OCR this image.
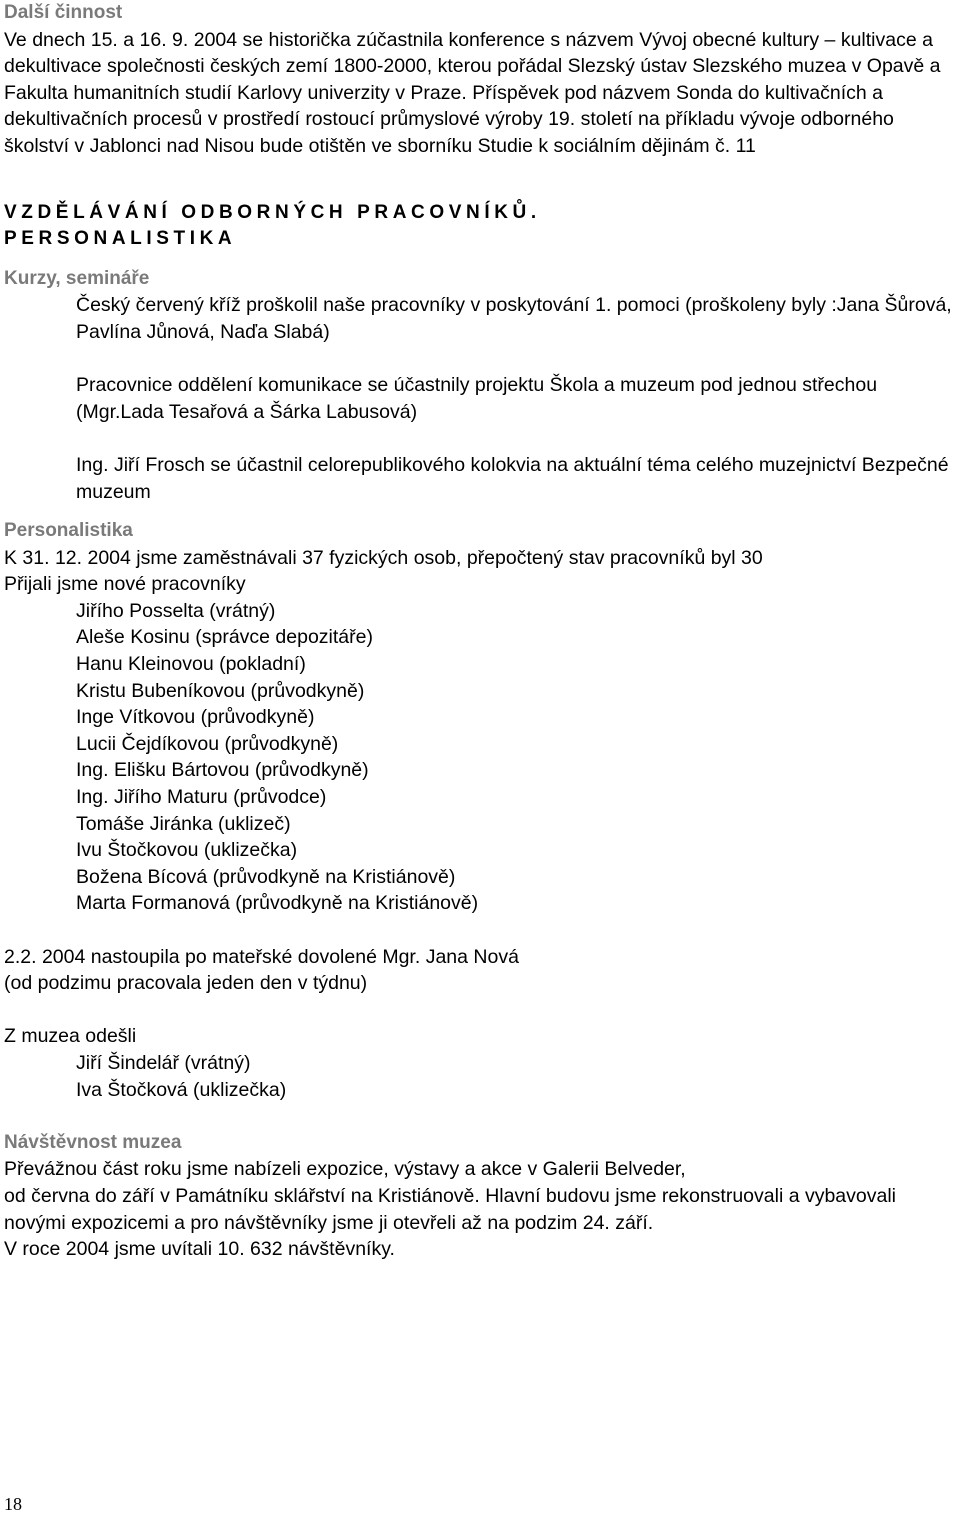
Další činnost

Ve dnech 15. a 16. 9. 2004 se historička zúčastnila konference s názvem Vývoj obecné kultury – kultivace a dekultivace společnosti českých zemí 1800-2000, kterou pořádal Slezský ústav Slezského muzea v Opavě a Fakulta humanitních studií Karlovy univerzity v Praze. Příspěvek pod názvem Sonda do kultivačních a dekultivačních procesů v prostředí rostoucí průmyslové výroby 19. století na příkladu vývoje odborného školství v Jablonci nad Nisou bude otištěn ve sborníku Studie k sociálním dějinám č. 11

VZDĚLÁVÁNÍ ODBORNÝCH PRACOVNÍKŮ.

PERSONALISTIKA

Kurzy, semináře

Český červený kříž proškolil naše pracovníky v poskytování 1. pomoci (proškoleny byly :Jana Šůrová, Pavlína Jůnová, Naďa Slabá)

Pracovnice oddělení komunikace se účastnily projektu Škola a muzeum pod jednou střechou (Mgr.Lada Tesařová a Šárka Labusová)

Ing. Jiří Frosch se účastnil celorepublikového kolokvia na aktuální téma celého muzejnictví Bezpečné muzeum

Personalistika

K 31. 12. 2004 jsme zaměstnávali 37 fyzických osob, přepočtený stav pracovníků byl 30

Přijali jsme nové pracovníky

Jiřího Posselta (vrátný)

Aleše Kosinu (správce depozitáře)

Hanu Kleinovou (pokladní)

Kristu Bubeníkovou (průvodkyně)

Inge Vítkovou (průvodkyně)

Lucii Čejdíkovou (průvodkyně)

Ing. Elišku Bártovou (průvodkyně)

Ing. Jiřího Maturu (průvodce)

Tomáše Jiránka (uklizeč)

Ivu Štočkovou (uklizečka)

Božena Bícová (průvodkyně na Kristiánově)

Marta Formanová (průvodkyně na Kristiánově)

2.2. 2004 nastoupila po mateřské dovolené Mgr. Jana Nová

(od podzimu pracovala jeden den v týdnu)

Z muzea odešli

Jiří Šindelář (vrátný)

Iva Štočková (uklizečka)

Návštěvnost muzea

Převážnou část roku jsme nabízeli expozice, výstavy a akce v Galerii Belveder,

od června do září v Památníku sklářství na Kristiánově. Hlavní budovu jsme rekonstruovali a vybavovali novými expozicemi a pro návštěvníky jsme ji otevřeli až na podzim 24. září.

V roce 2004 jsme uvítali 10. 632 návštěvníky.

18
